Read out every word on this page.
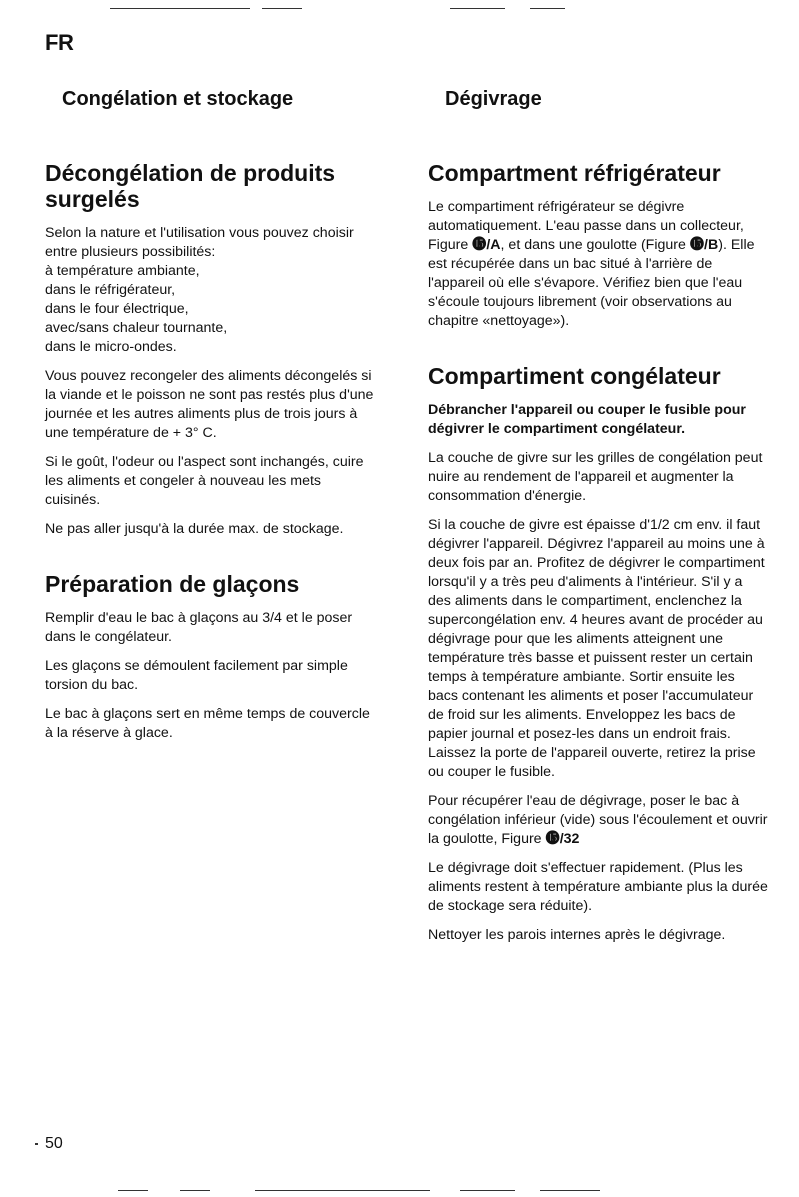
FR
Congélation et stockage	Dégivrage
Décongélation de produits surgelés

Selon la nature et l'utilisation vous pouvez choisir entre plusieurs possibilités:
à température ambiante,
dans le réfrigérateur,
dans le four électrique,
avec/sans chaleur tournante,
dans le micro-ondes.

Vous pouvez recongeler des aliments décongelés si la viande et le poisson ne sont pas restés plus d'une journée et les autres aliments plus de trois jours à une température de + 3° C.

Si le goût, l'odeur ou l'aspect sont inchangés, cuire les aliments et congeler à nouveau les mets cuisinés.

Ne pas aller jusqu'à la durée max. de stockage.

Préparation de glaçons

Remplir d'eau le bac à glaçons au 3/4 et le poser dans le congélateur.

Les glaçons se démoulent facilement par simple torsion du bac.

Le bac à glaçons sert en même temps de couvercle à la réserve à glace.

Compartment réfrigérateur

Le compartiment réfrigérateur se dégivre automatiquement. L'eau passe dans un collecteur, Figure ⓯/A, et dans une goulotte (Figure ⓯/B). Elle est récupérée dans un bac situé à l'arrière de l'appareil où elle s'évapore. Vérifiez bien que l'eau s'écoule toujours librement (voir observations au chapitre «nettoyage»).

Compartiment congélateur

Débrancher l'appareil ou couper le fusible pour dégivrer le compartiment congélateur.

La couche de givre sur les grilles de congélation peut nuire au rendement de l'appareil et augmenter la consommation d'énergie.

Si la couche de givre est épaisse d'1/2 cm env. il faut dégivrer l'appareil. Dégivrez l'appareil au moins une à deux fois par an. Profitez de dégivrer le compartiment lorsqu'il y a très peu d'aliments à l'intérieur. S'il y a des aliments dans le compartiment, enclenchez la supercongélation env. 4 heures avant de procéder au dégivrage pour que les aliments atteignent une température très basse et puissent rester un certain temps à température ambiante. Sortir ensuite les bacs contenant les aliments et poser l'accumulateur de froid sur les aliments. Enveloppez les bacs de papier journal et posez-les dans un endroit frais. Laissez la porte de l'appareil ouverte, retirez la prise ou couper le fusible.

Pour récupérer l'eau de dégivrage, poser le bac à congélation inférieur (vide) sous l'écoulement et ouvrir la goulotte, Figure ⓯/32

Le dégivrage doit s'effectuer rapidement. (Plus les aliments restent à température ambiante plus la durée de stockage sera réduite).

Nettoyer les parois internes après le dégivrage.

50
